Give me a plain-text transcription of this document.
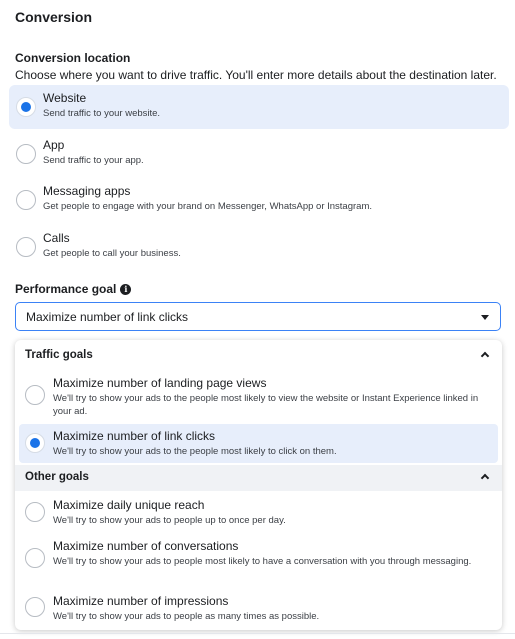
Conversion
Conversion location
Choose where you want to drive traffic. You'll enter more details about the destination later.
Website
Send traffic to your website.
App
Send traffic to your app.
Messaging apps
Get people to engage with your brand on Messenger, WhatsApp or Instagram.
Calls
Get people to call your business.
Performance goal i
Maximize number of link clicks
Traffic goals
Maximize number of landing page views
We'll try to show your ads to the people most likely to view the website or Instant Experience linked in your ad.
Maximize number of link clicks
We'll try to show your ads to the people most likely to click on them.
Other goals
Maximize daily unique reach
We'll try to show your ads to people up to once per day.
Maximize number of conversations
We'll try to show your ads to people most likely to have a conversation with you through messaging.
Maximize number of impressions
We'll try to show your ads to people as many times as possible.
